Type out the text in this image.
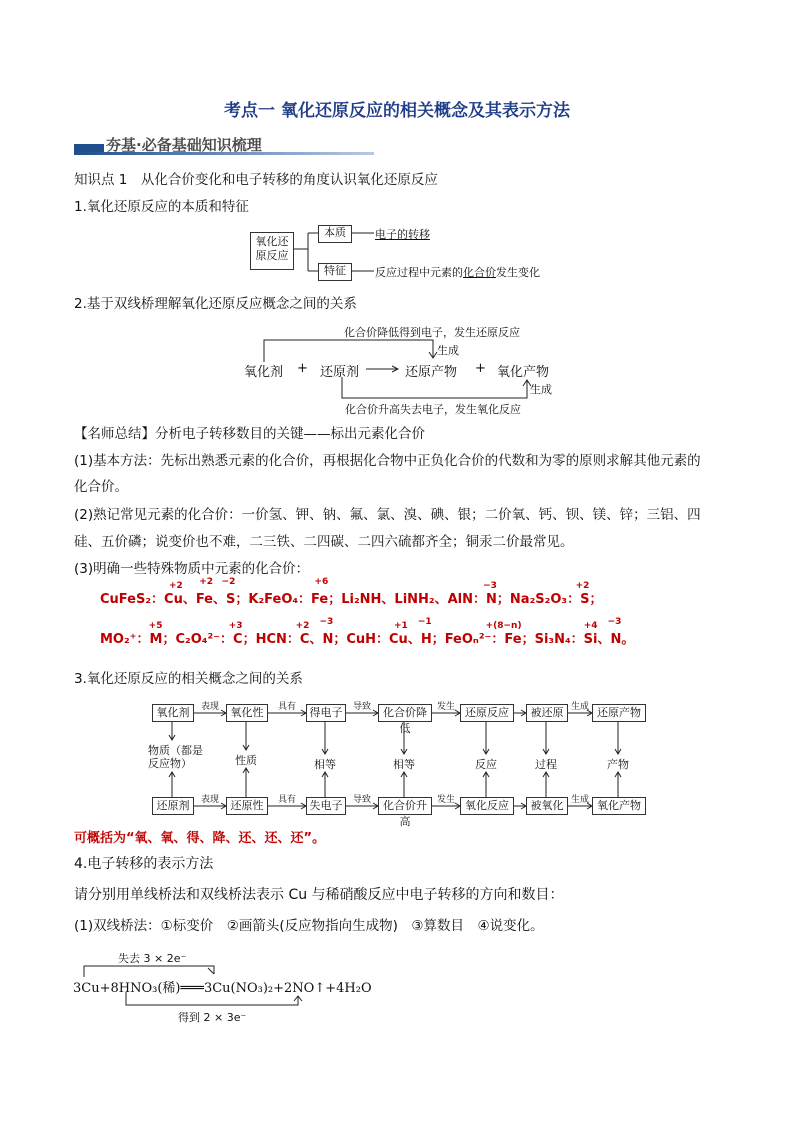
考点一 氧化还原反应的相关概念及其表示方法
夯基·必备基础知识梳理
知识点 1　从化合价变化和电子转移的角度认识氧化还原反应
1.氧化还原反应的本质和特征
氧化还原反应
本质
特征
电子的转移
反应过程中元素的化合价发生变化
2.基于双线桥理解氧化还原反应概念之间的关系
化合价降低得到电子，发生还原反应
化合价升高失去电子，发生氧化反应
生成
生成
氧化剂 + 还原剂	还原产物 + 氧化产物
【名师总结】分析电子转移数目的关键——标出元素化合价
(1)基本方法：先标出熟悉元素的化合价，再根据化合物中正负化合价的代数和为零的原则求解其他元素的
化合价。
(2)熟记常见元素的化合价：一价氢、钾、钠、氟、氯、溴、碘、银；二价氧、钙、钡、镁、锌；三铝、四
硅、五价磷；说变价也不难，二三铁、二四碳、二四六硫都齐全；铜汞二价最常见。
(3)明确一些特殊物质中元素的化合价：
CuFeS₂：Cu
+2
、Fe
+2
、S
−2
；K₂FeO₄：Fe
+6
；Li₂NH、LiNH₂、AlN：N
−3
；Na₂S₂O₃：S
+2
；
MO₂⁺：M
+5
；C₂O₄²⁻：C
+3
；HCN：C
+2
、N
−3
；CuH：Cu
+1
、H
−1
；FeOₙ²⁻：Fe
+(8−n)
；Si₃N₄：Si
+4
、N
−3
。
3.氧化还原反应的相关概念之间的关系
氧化剂
还原剂
氧化性
还原性
得电子
失电子
化合价降低
化合价升高
还原反应
氧化反应
被还原
被氧化
还原产物
氧化产物
表现
表现
具有
具有
导致
导致
发生
发生
生成
生成
物质（都是反应物）	性质	相等	相等	反应	过程	产物
可概括为“氧、氧、得、降、还、还、还”。
4.电子转移的表示方法
请分别用单线桥法和双线桥法表示 Cu 与稀硝酸反应中电子转移的方向和数目：
(1)双线桥法：①标变价　②画箭头(反应物指向生成物)　③算数目　④说变化。
失去 3 × 2e⁻
3Cu+8HNO₃(稀)═══3Cu(NO₃)₂+2NO↑+4H₂O
得到 2 × 3e⁻
